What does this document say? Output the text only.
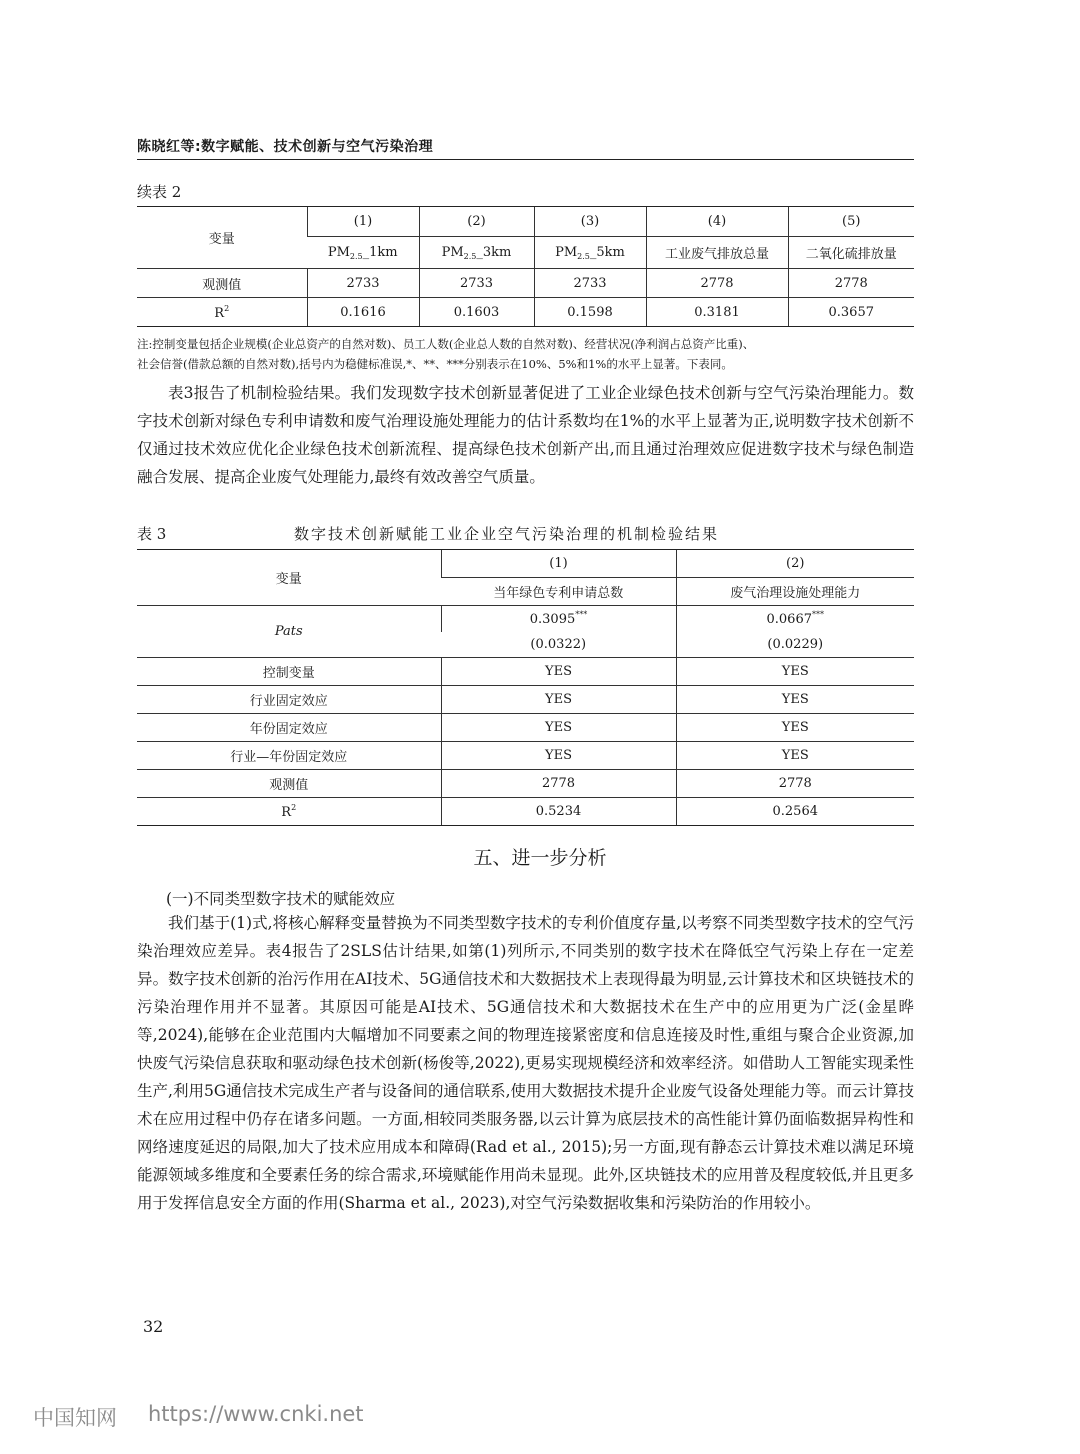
陈晓红等:数字赋能、技术创新与空气污染治理
续表 2
变量	(1)	(2)	(3)	(4)	(5)
	$PM_{2.5}\_1km$	$PM_{2.5}\_3km$	$PM_{2.5}\_5km$	工业废气排放总量	二氧化硫排放量
观测值	2733	2733	2733	2778	2778
$R^2$	0.1616	0.1603	0.1598	0.3181	0.3657
注:控制变量包括企业规模(企业总资产的自然对数)、员工人数(企业总人数的自然对数)、经营状况(净利润占总资产比重)、
社会信誉(借款总额的自然对数),括号内为稳健标准误,*、**、***分别表示在10%、5%和1%的水平上显著。下表同。

表3报告了机制检验结果。我们发现数字技术创新显著促进了工业企业绿色技术创新与空气污染治理能力。数字技术创新对绿色专利申请数和废气治理设施处理能力的估计系数均在1%的水平上显著为正,说明数字技术创新不仅通过技术效应优化企业绿色技术创新流程、提高绿色技术创新产出,而且通过治理效应促进数字技术与绿色制造融合发展、提高企业废气处理能力,最终有效改善空气质量。

表 3	数字技术创新赋能工业企业空气污染治理的机制检验结果
变量	(1)	(2)
	当年绿色专利申请总数	废气治理设施处理能力
Pats	0.3095***	0.0667***
	(0.0322)	(0.0229)
控制变量	YES	YES
行业固定效应	YES	YES
年份固定效应	YES	YES
行业—年份固定效应	YES	YES
观测值	2778	2778
$R^2$	0.5234	0.2564
五、进一步分析
(一)不同类型数字技术的赋能效应

我们基于(1)式,将核心解释变量替换为不同类型数字技术的专利价值度存量,以考察不同类型数字技术的空气污染治理效应差异。表4报告了2SLS估计结果,如第(1)列所示,不同类别的数字技术在降低空气污染上存在一定差异。数字技术创新的治污作用在AI技术、5G通信技术和大数据技术上表现得最为明显,云计算技术和区块链技术的污染治理作用并不显著。其原因可能是AI技术、5G通信技术和大数据技术在生产中的应用更为广泛(金星晔等,2024),能够在企业范围内大幅增加不同要素之间的物理连接紧密度和信息连接及时性,重组与聚合企业资源,加快废气污染信息获取和驱动绿色技术创新(杨俊等,2022),更易实现规模经济和效率经济。如借助人工智能实现柔性生产,利用5G通信技术完成生产者与设备间的通信联系,使用大数据技术提升企业废气设备处理能力等。而云计算技术在应用过程中仍存在诸多问题。一方面,相较同类服务器,以云计算为底层技术的高性能计算仍面临数据异构性和网络速度延迟的局限,加大了技术应用成本和障碍(Rad et al., 2015);另一方面,现有静态云计算技术难以满足环境能源领域多维度和全要素任务的综合需求,环境赋能作用尚未显现。此外,区块链技术的应用普及程度较低,并且更多用于发挥信息安全方面的作用(Sharma et al., 2023),对空气污染数据收集和污染防治的作用较小。

32
中国知网 https://www.cnki.net
